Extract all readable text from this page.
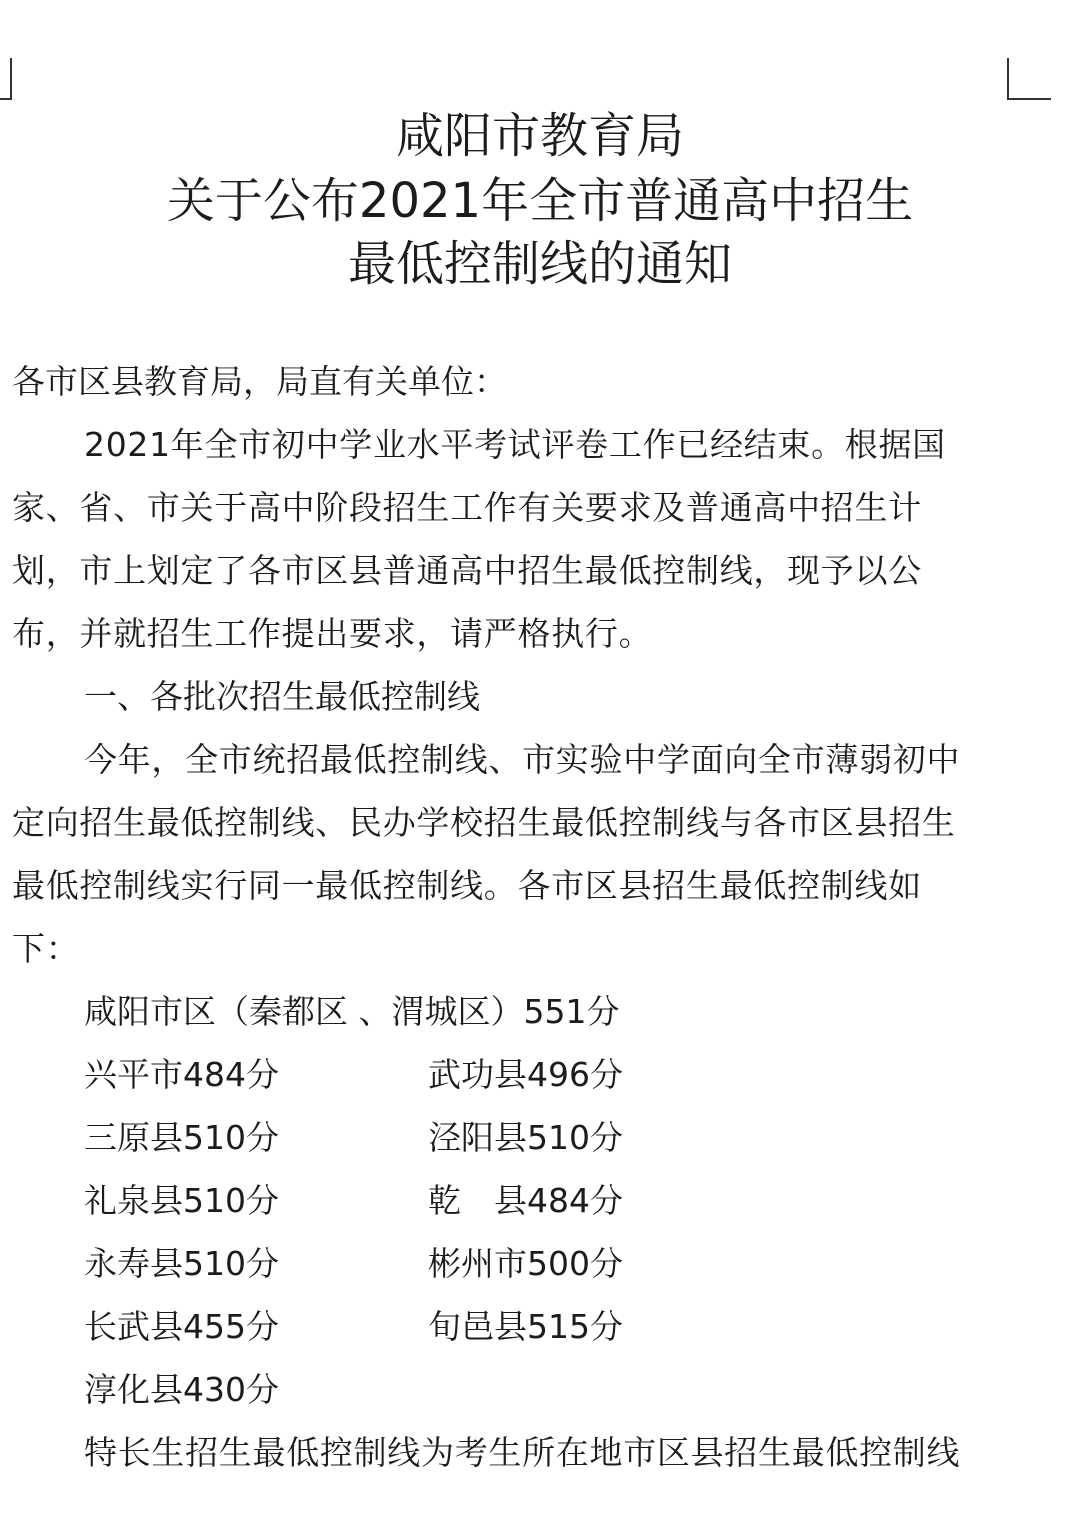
咸阳市教育局
关于公布2021年全市普通高中招生
最低控制线的通知
各市区县教育局，局直有关单位：
2021年全市初中学业水平考试评卷工作已经结束。根据国
家、省、市关于高中阶段招生工作有关要求及普通高中招生计
划，市上划定了各市区县普通高中招生最低控制线，现予以公
布，并就招生工作提出要求，请严格执行。
一、各批次招生最低控制线
今年，全市统招最低控制线、市实验中学面向全市薄弱初中
定向招生最低控制线、民办学校招生最低控制线与各市区县招生
最低控制线实行同一最低控制线。各市区县招生最低控制线如
下：
咸阳市区（秦都区 、渭城区）551分
兴平市484分	武功县496分
三原县510分	泾阳县510分
礼泉县510分	乾　县484分
永寿县510分	彬州市500分
长武县455分	旬邑县515分
淳化县430分
特长生招生最低控制线为考生所在地市区县招生最低控制线
